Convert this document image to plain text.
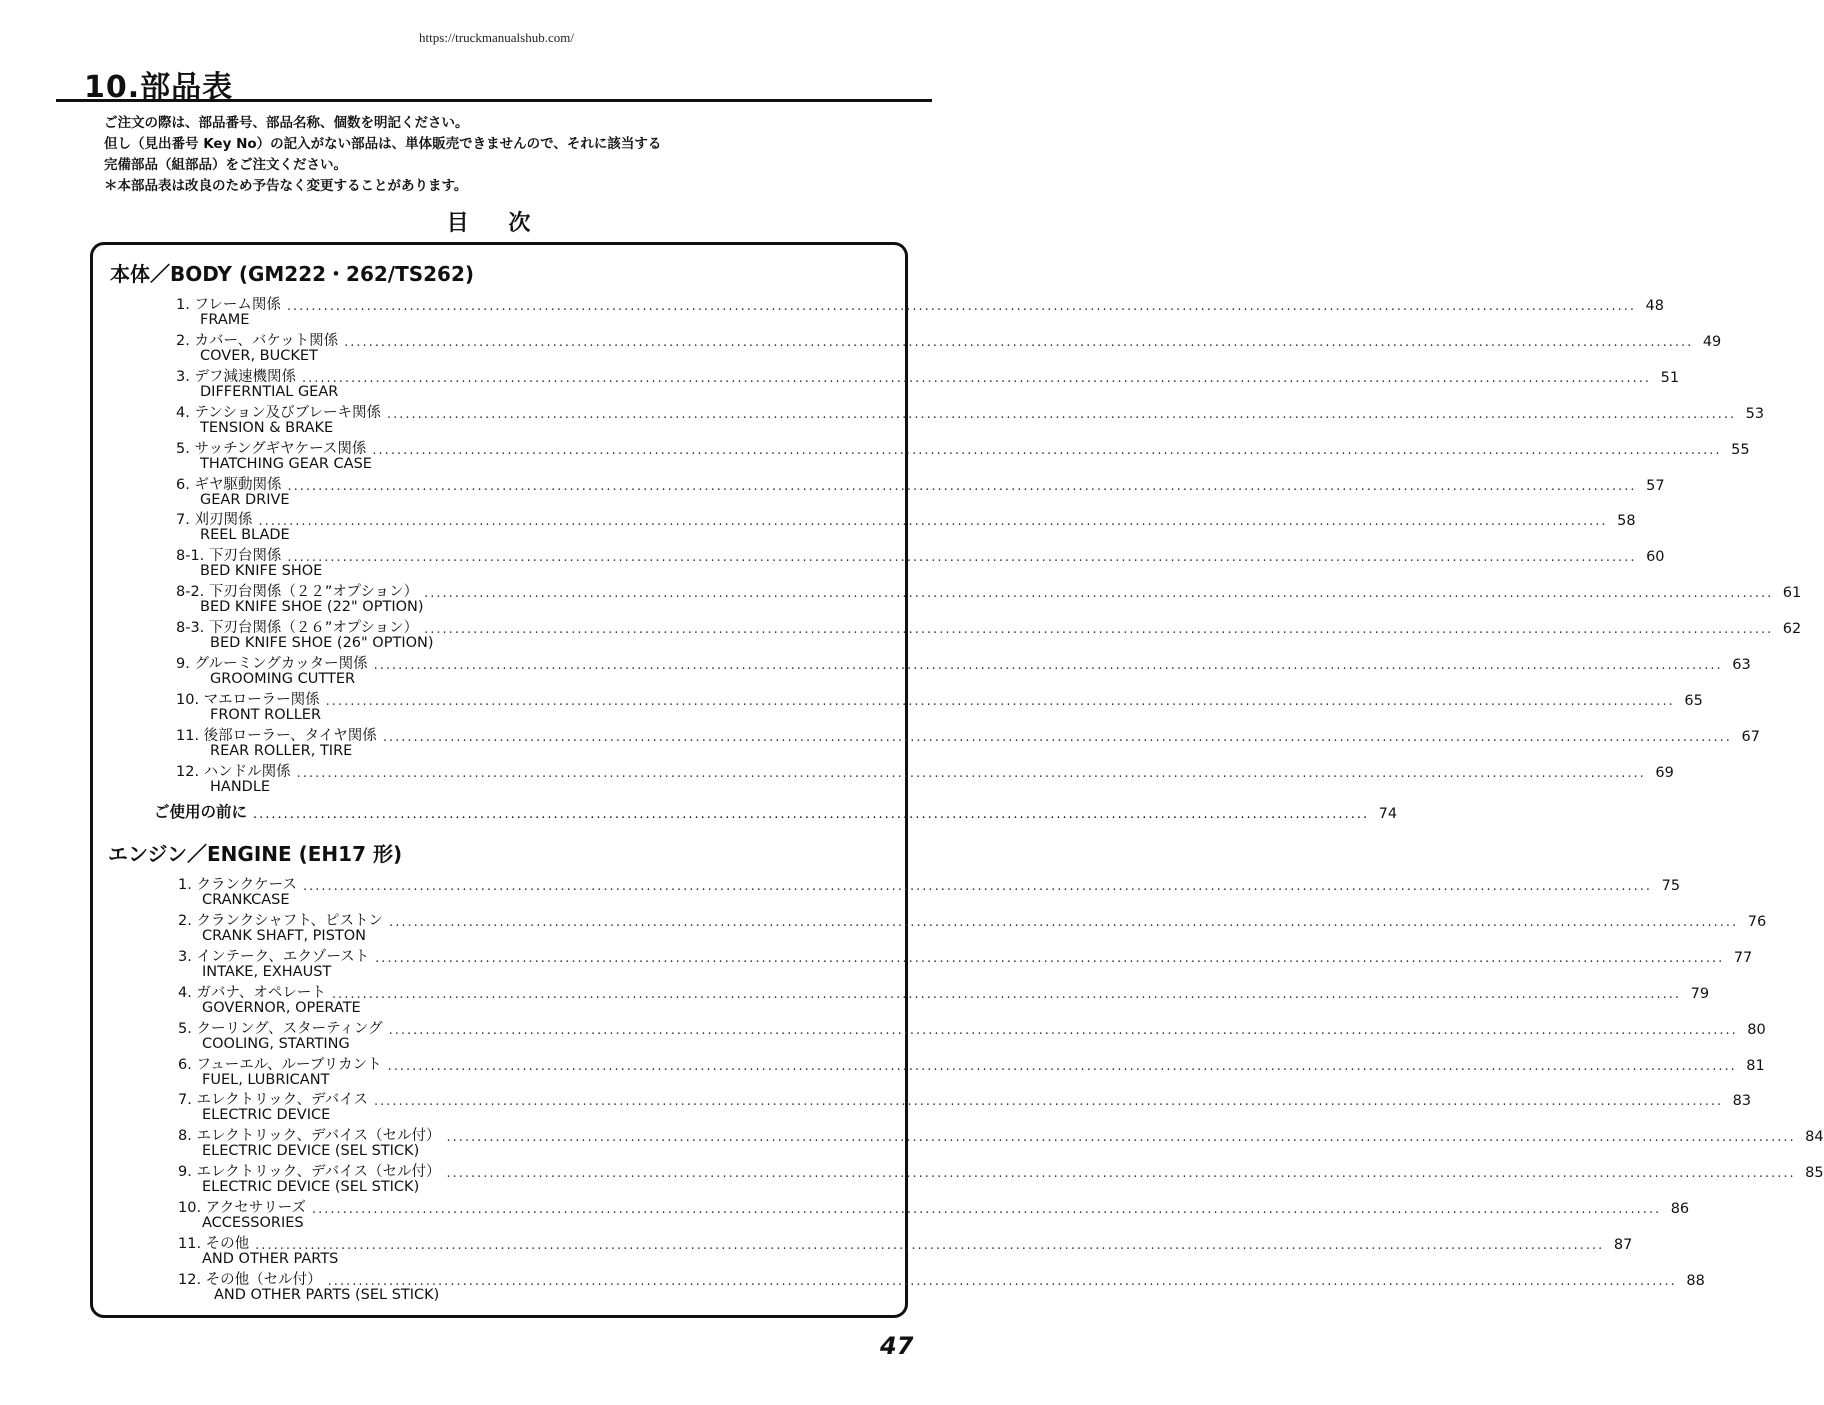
https://truckmanualshub.com/
10.部品表
ご注文の際は、部品番号、部品名称、個数を明記ください。
但し（見出番号 Key No）の記入がない部品は、単体販売できませんので、それに該当する
完備部品（組部品）をご注文ください。
＊本部品表は改良のため予告なく変更することがあります。
目 次
本体／BODY (GM222・262/TS262)
エンジン／ENGINE (EH17 形)
1. フレーム関係 ............................................................................................................................................................................................................................ 48
FRAME
2. カバー、バケット関係 ............................................................................................................................................................................................................................ 49
COVER, BUCKET
3. デフ減速機関係 ............................................................................................................................................................................................................................ 51
DIFFERNTIAL GEAR
4. テンション及びブレーキ関係 ............................................................................................................................................................................................................................ 53
TENSION & BRAKE
5. サッチングギヤケース関係 ............................................................................................................................................................................................................................ 55
THATCHING GEAR CASE
6. ギヤ駆動関係 ............................................................................................................................................................................................................................ 57
GEAR DRIVE
7. 刈刃関係 ............................................................................................................................................................................................................................ 58
REEL BLADE
8-1. 下刃台関係 ............................................................................................................................................................................................................................ 60
BED KNIFE SHOE
8-2. 下刃台関係（２２”オプション） ............................................................................................................................................................................................................................ 61
BED KNIFE SHOE (22" OPTION)
8-3. 下刃台関係（２６”オプション） ............................................................................................................................................................................................................................ 62
BED KNIFE SHOE (26" OPTION)
9. グルーミングカッター関係 ............................................................................................................................................................................................................................ 63
GROOMING CUTTER
10. マエローラー関係 ............................................................................................................................................................................................................................ 65
FRONT ROLLER
11. 後部ローラー、タイヤ関係 ............................................................................................................................................................................................................................ 67
REAR ROLLER, TIRE
12. ハンドル関係 ............................................................................................................................................................................................................................ 69
HANDLE
1. クランクケース ............................................................................................................................................................................................................................ 75
CRANKCASE
2. クランクシャフト、ピストン ............................................................................................................................................................................................................................ 76
CRANK SHAFT, PISTON
3. インテーク、エクゾースト ............................................................................................................................................................................................................................ 77
INTAKE, EXHAUST
4. ガバナ、オペレート ............................................................................................................................................................................................................................ 79
GOVERNOR, OPERATE
5. クーリング、スターティング ............................................................................................................................................................................................................................ 80
COOLING, STARTING
6. フューエル、ルーブリカント ............................................................................................................................................................................................................................ 81
FUEL, LUBRICANT
7. エレクトリック、デバイス ............................................................................................................................................................................................................................ 83
ELECTRIC DEVICE
8. エレクトリック、デバイス（セル付） ............................................................................................................................................................................................................................ 84
ELECTRIC DEVICE (SEL STICK)
9. エレクトリック、デバイス（セル付） ............................................................................................................................................................................................................................ 85
ELECTRIC DEVICE (SEL STICK)
10. アクセサリーズ ............................................................................................................................................................................................................................ 86
ACCESSORIES
11. その他 ............................................................................................................................................................................................................................ 87
AND OTHER PARTS
12. その他（セル付） ............................................................................................................................................................................................................................ 88
AND OTHER PARTS (SEL STICK)
ご使用の前に ...................................................................................................................................................................................... 74
47
